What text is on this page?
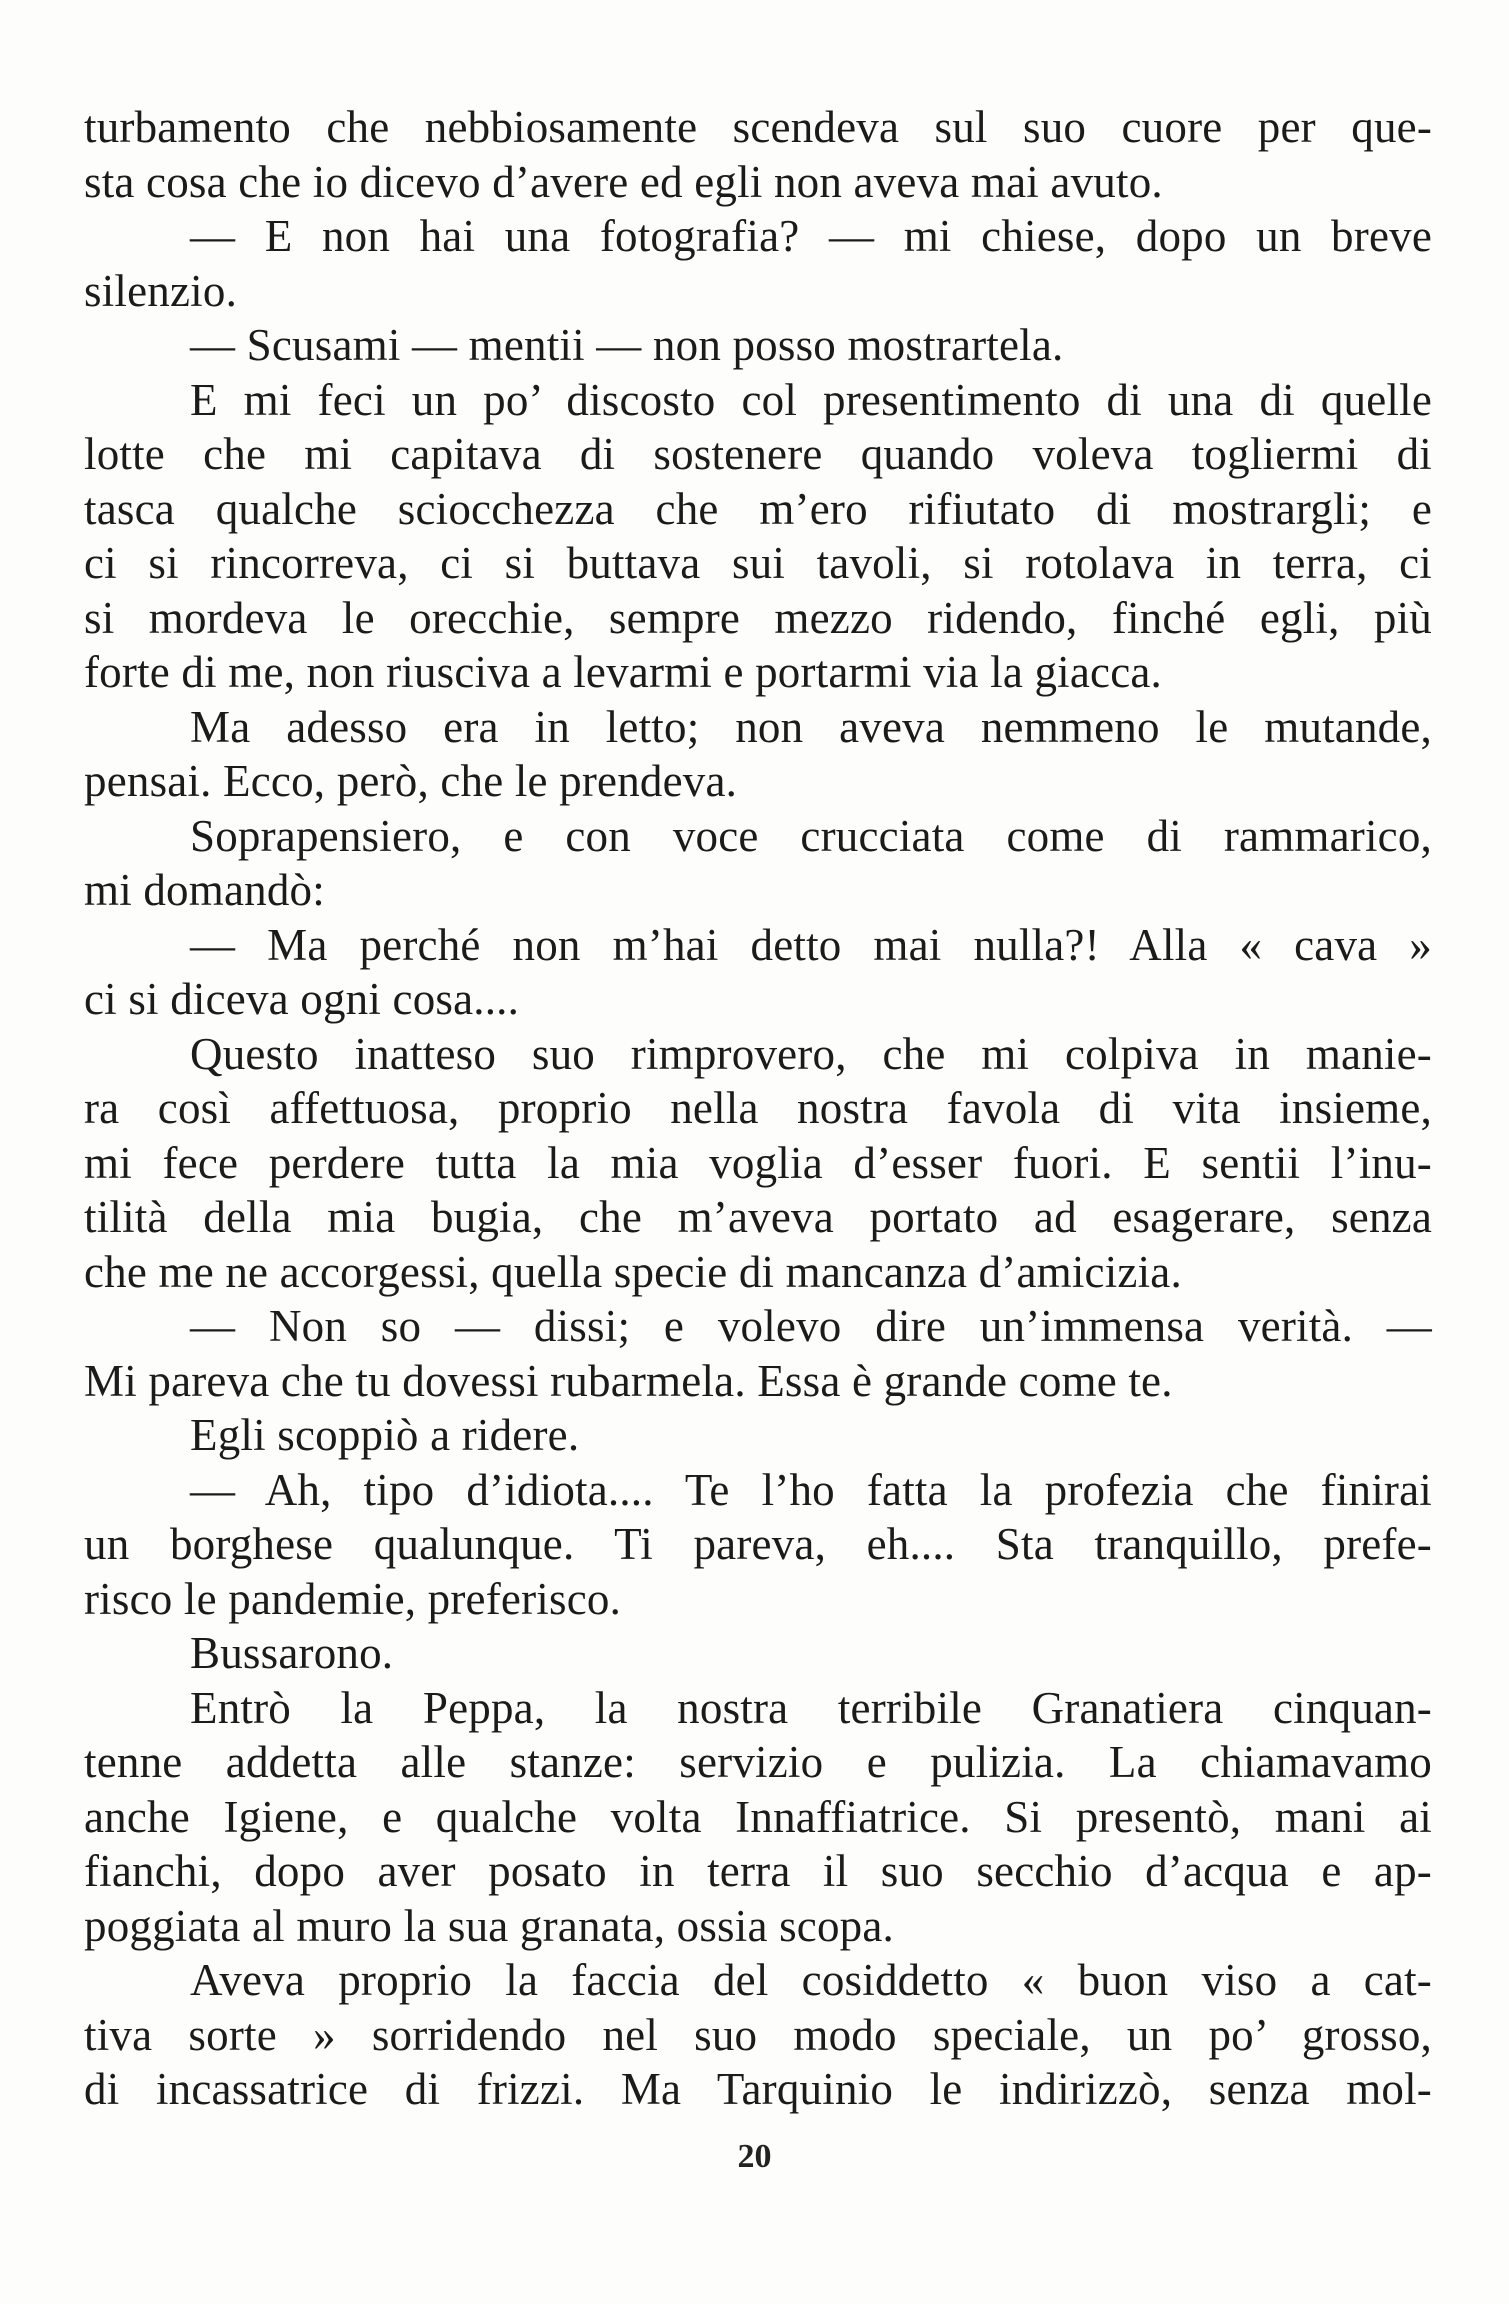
turbamento che nebbiosamente scendeva sul suo cuore per que-
sta cosa che io dicevo d’avere ed egli non aveva mai avuto.
— E non hai una fotografia? — mi chiese, dopo un breve
silenzio.
— Scusami — mentii — non posso mostrartela.
E mi feci un po’ discosto col presentimento di una di quelle
lotte che mi capitava di sostenere quando voleva togliermi di
tasca qualche sciocchezza che m’ero rifiutato di mostrargli; e
ci si rincorreva, ci si buttava sui tavoli, si rotolava in terra, ci
si mordeva le orecchie, sempre mezzo ridendo, finché egli, più
forte di me, non riusciva a levarmi e portarmi via la giacca.
Ma adesso era in letto; non aveva nemmeno le mutande,
pensai. Ecco, però, che le prendeva.
Soprapensiero, e con voce crucciata come di rammarico,
mi domandò:
— Ma perché non m’hai detto mai nulla?! Alla « cava »
ci si diceva ogni cosa....
Questo inatteso suo rimprovero, che mi colpiva in manie-
ra così affettuosa, proprio nella nostra favola di vita insieme,
mi fece perdere tutta la mia voglia d’esser fuori. E sentii l’inu-
tilità della mia bugia, che m’aveva portato ad esagerare, senza
che me ne accorgessi, quella specie di mancanza d’amicizia.
— Non so — dissi; e volevo dire un’immensa verità. —
Mi pareva che tu dovessi rubarmela. Essa è grande come te.
Egli scoppiò a ridere.
— Ah, tipo d’idiota.... Te l’ho fatta la profezia che finirai
un borghese qualunque. Ti pareva, eh.... Sta tranquillo, prefe-
risco le pandemie, preferisco.
Bussarono.
Entrò la Peppa, la nostra terribile Granatiera cinquan-
tenne addetta alle stanze: servizio e pulizia. La chiamavamo
anche Igiene, e qualche volta Innaffiatrice. Si presentò, mani ai
fianchi, dopo aver posato in terra il suo secchio d’acqua e ap-
poggiata al muro la sua granata, ossia scopa.
Aveva proprio la faccia del cosiddetto « buon viso a cat-
tiva sorte » sorridendo nel suo modo speciale, un po’ grosso,
di incassatrice di frizzi. Ma Tarquinio le indirizzò, senza mol-
20
